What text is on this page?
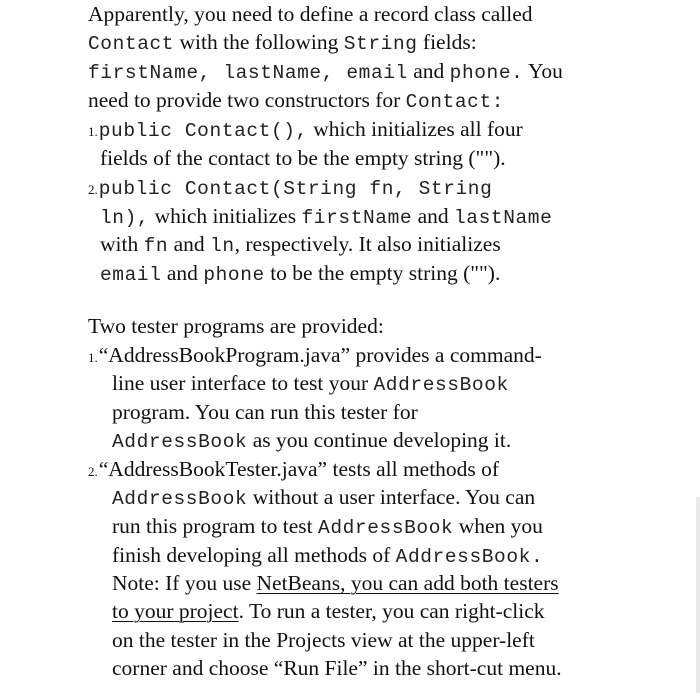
Apparently, you need to define a record class called
Contact with the following String fields:
firstName, lastName, email and phone. You
need to provide two constructors for Contact:
1.public Contact(), which initializes all four
fields of the contact to be the empty string ("").
2.public Contact(String fn, String
ln), which initializes firstName and lastName
with fn and ln, respectively. It also initializes
email and phone to be the empty string ("").
Two tester programs are provided:
1.“AddressBookProgram.java” provides a command-
line user interface to test your AddressBook
program. You can run this tester for
AddressBook as you continue developing it.
2.“AddressBookTester.java” tests all methods of
AddressBook without a user interface. You can
run this program to test AddressBook when you
finish developing all methods of AddressBook.
Note: If you use NetBeans, you can add both testers
to your project. To run a tester, you can right-click
on the tester in the Projects view at the upper-left
corner and choose “Run File” in the short-cut menu.
